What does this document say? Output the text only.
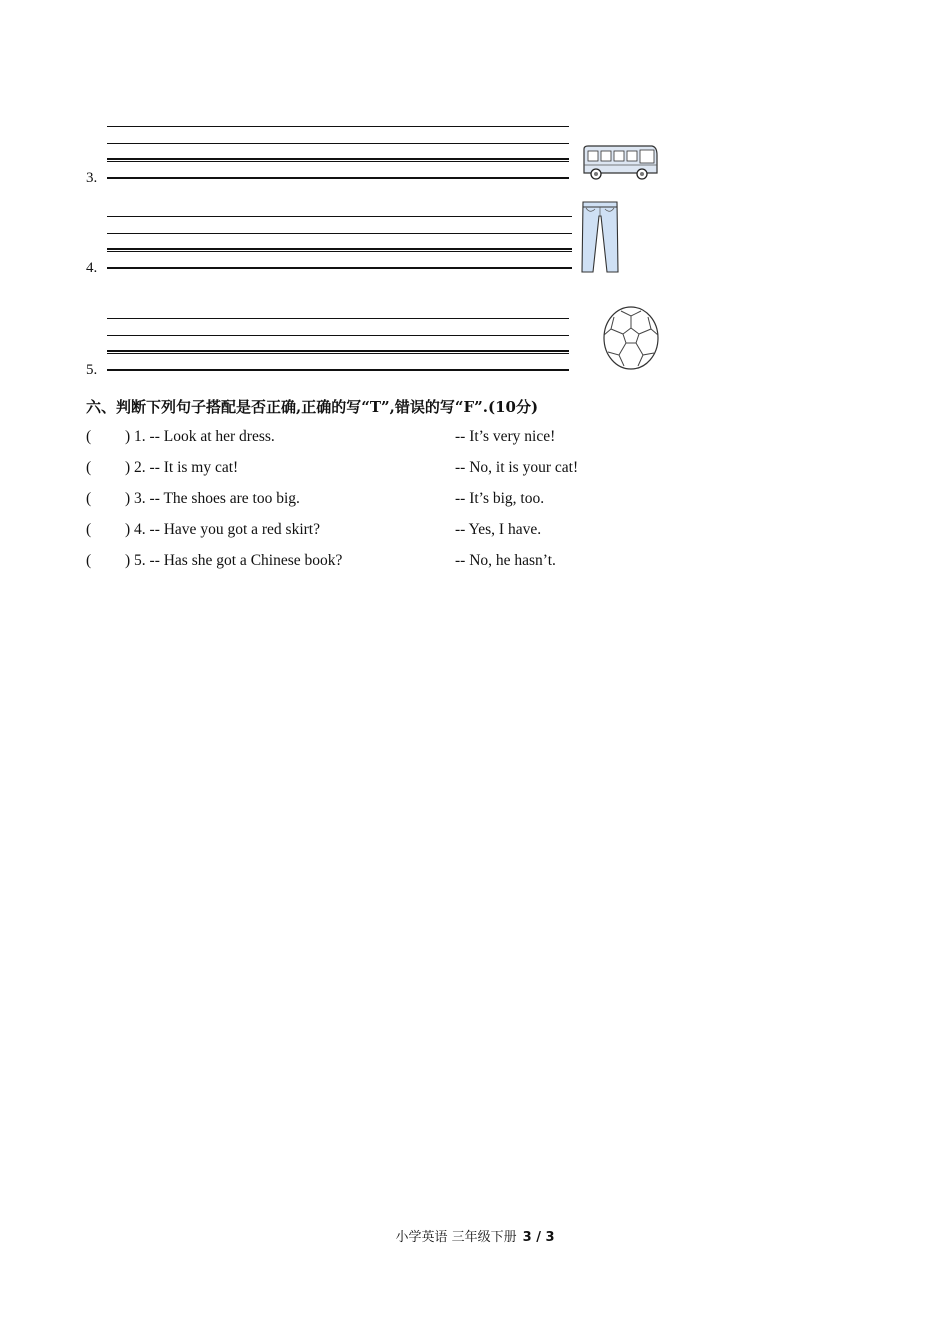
3.
4.
5.
六、判断下列句子搭配是否正确,正确的写“T”,错误的写“F”.(10分)
( ) 1. -- Look at her dress.	-- It’s very nice!
( ) 2. -- It is my cat!	-- No, it is your cat!
( ) 3. -- The shoes are too big.	-- It’s big, too.
( ) 4. -- Have you got a red skirt?	-- Yes, I have.
( ) 5. -- Has she got a Chinese book?	-- No, he hasn’t.
小学英语 三年级下册 3 / 3
